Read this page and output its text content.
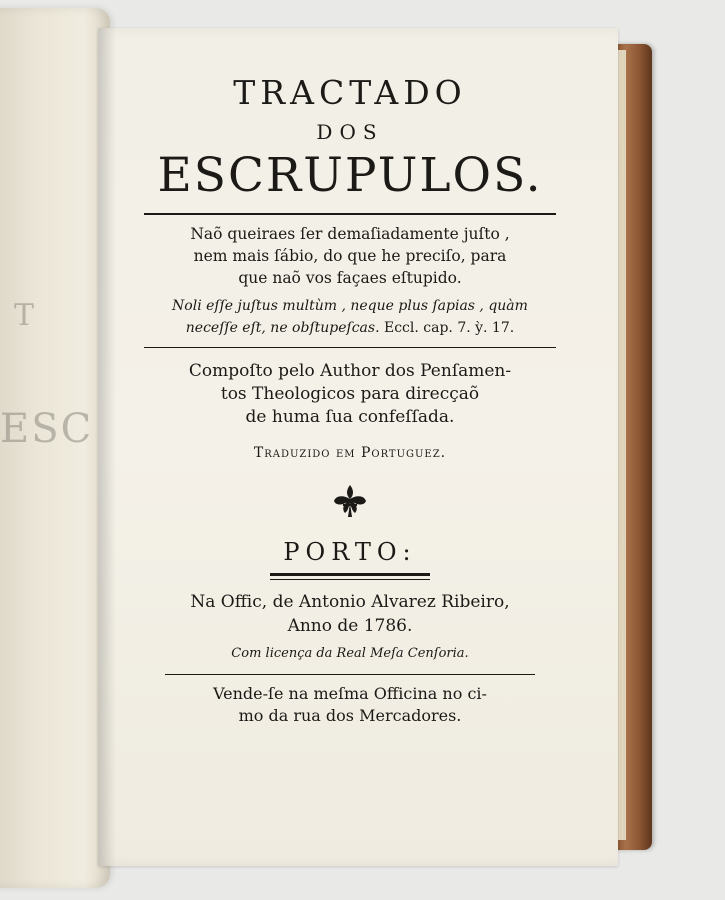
T
ESC
TRACTADO
DOS
ESCRUPULOS.
Naõ queiraes ſer demaſiadamente juſto ,
nem mais ſábio, do que he preciſo, para
que naõ vos façaes eſtupido.
Noli eſſe juſtus multùm , neque plus ſapias , quàm
neceſſe eſt, ne obſtupeſcas. Eccl. cap. 7. ỳ. 17.
Compoſto pelo Author dos Penſamen-
tos Theologicos para direcçaõ
de huma ſua confeſſada.
Traduzido em Portuguez.
PORTO:
Na Offic, de Antonio Alvarez Ribeiro,
Anno de 1786.
Com licença da Real Meſa Cenſoria.
Vende-ſe na meſma Officina no ci-
mo da rua dos Mercadores.
